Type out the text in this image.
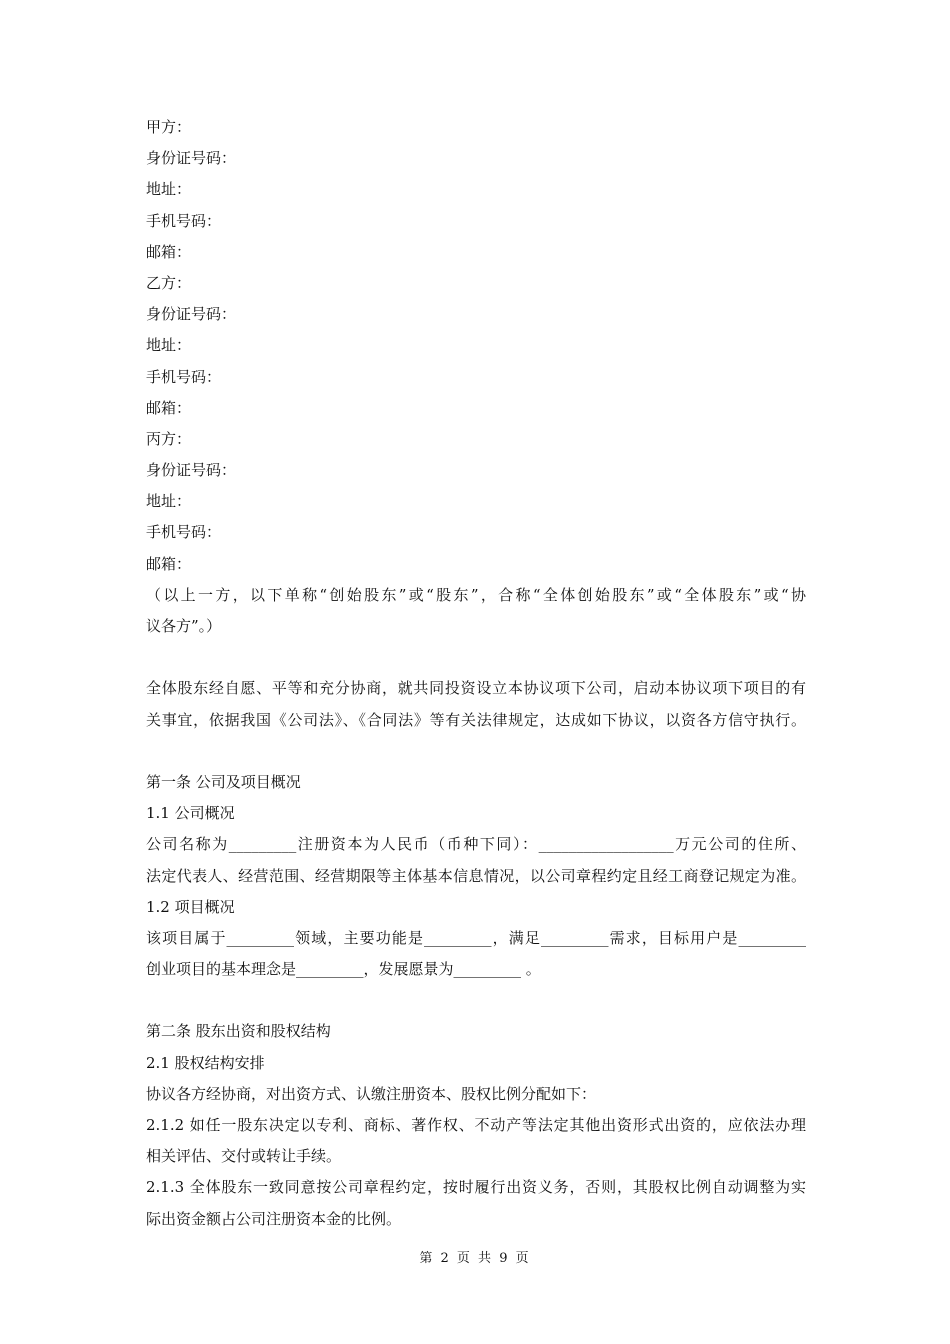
甲方：
身份证号码：
地址：
手机号码：
邮箱：
乙方：
身份证号码：
地址：
手机号码：
邮箱：
丙方：
身份证号码：
地址：
手机号码：
邮箱：
（以上一方，以下单称“创始股东”或“股东”，合称“全体创始股东”或“全体股东”或“协
议各方”。）
全体股东经自愿、平等和充分协商，就共同投资设立本协议项下公司，启动本协议项下项目的有
关事宜，依据我国《公司法》、《合同法》等有关法律规定，达成如下协议，以资各方信守执行。
第一条 公司及项目概况
1.1 公司概况
公司名称为_________注册资本为人民币（币种下同）：__________________万元公司的住所、
法定代表人、经营范围、经营期限等主体基本信息情况，以公司章程约定且经工商登记规定为准。
1.2 项目概况
该项目属于_________领域，主要功能是_________，满足_________需求，目标用户是_________
创业项目的基本理念是_________，发展愿景为_________ 。
第二条 股东出资和股权结构
2.1 股权结构安排
协议各方经协商，对出资方式、认缴注册资本、股权比例分配如下：
2.1.2 如任一股东决定以专利、商标、著作权、不动产等法定其他出资形式出资的，应依法办理
相关评估、交付或转让手续。
2.1.3 全体股东一致同意按公司章程约定，按时履行出资义务，否则，其股权比例自动调整为实
际出资金额占公司注册资本金的比例。
第 2 页 共 9 页
